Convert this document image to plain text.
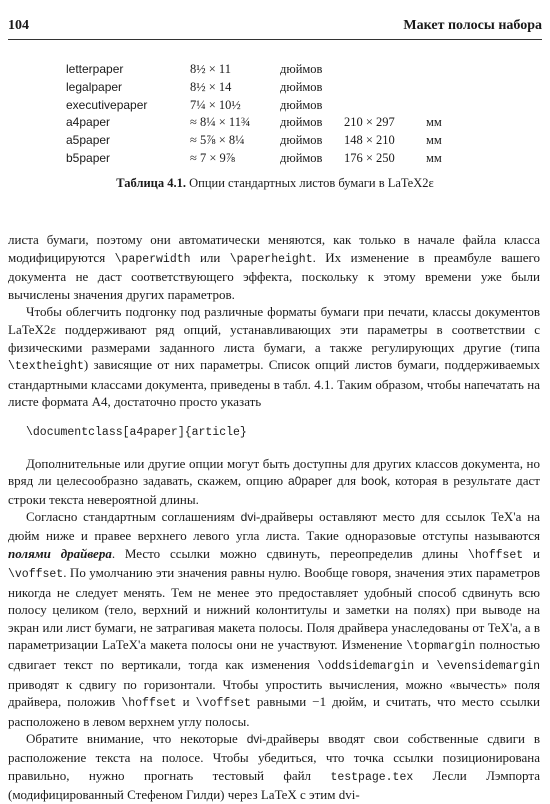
104	Макет полосы набора
letterpaper	8½ × 11	дюймов
legalpaper	8½ × 14	дюймов
executivepaper	7¼ × 10½	дюймов
a4paper	≈ 8¼ × 11¾	дюймов	210 × 297	мм
a5paper	≈ 5⅞ × 8¼	дюймов	148 × 210	мм
b5paper	≈ 7 × 9⅞	дюймов	176 × 250	мм
Таблица 4.1. Опции стандартных листов бумаги в LaTeX2ε

листа бумаги, поэтому они автоматически меняются, как только в начале файла класса модифицируются \paperwidth или \paperheight. Их изменение в преамбуле вашего документа не даст соответствующего эффекта, поскольку к этому времени уже были вычислены значения других параметров.

Чтобы облегчить подгонку под различные форматы бумаги при печати, классы документов LaTeX2ε поддерживают ряд опций, устанавливающих эти параметры в соответствии с физическими размерами заданного листа бумаги, а также регулирующих другие (типа \textheight) зависящие от них параметры. Список опций листов бумаги, поддерживаемых стандартными классами документа, приведены в табл. 4.1. Таким образом, чтобы напечатать на листе формата A4, достаточно просто указать

\documentclass[a4paper]{article}

Дополнительные или другие опции могут быть доступны для других классов документа, но вряд ли целесообразно задавать, скажем, опцию a0paper для book, которая в результате даст строки текста невероятной длины.

Согласно стандартным соглашениям dvi-драйверы оставляют место для ссылок TeX'а на дюйм ниже и правее верхнего левого угла листа. Такие одноразовые отступы называются полями драйвера. Место ссылки можно сдвинуть, переопределив длины \hoffset и \voffset. По умолчанию эти значения равны нулю. Вообще говоря, значения этих параметров никогда не следует менять. Тем не менее это предоставляет удобный способ сдвинуть всю полосу целиком (тело, верхний и нижний колонтитулы и заметки на полях) при выводе на экран или лист бумаги, не затрагивая макета полосы. Поля драйвера унаследованы от TeX'а, а в параметризации LaTeX'а макета полосы они не участвуют. Изменение \topmargin полностью сдвигает текст по вертикали, тогда как изменения \oddsidemargin и \evensidemargin приводят к сдвигу по горизонтали. Чтобы упростить вычисления, можно «вычесть» поля драйвера, положив \hoffset и \voffset равными −1 дюйм, и считать, что место ссылки расположено в левом верхнем углу полосы.

Обратите внимание, что некоторые dvi-драйверы вводят свои собственные сдвиги в расположение текста на полосе. Чтобы убедиться, что точка ссылки позиционирована правильно, нужно прогнать тестовый файл testpage.tex Лесли Лэмпорта (модифицированный Стефеном Гилди) через LaTeX с этим dvi-
